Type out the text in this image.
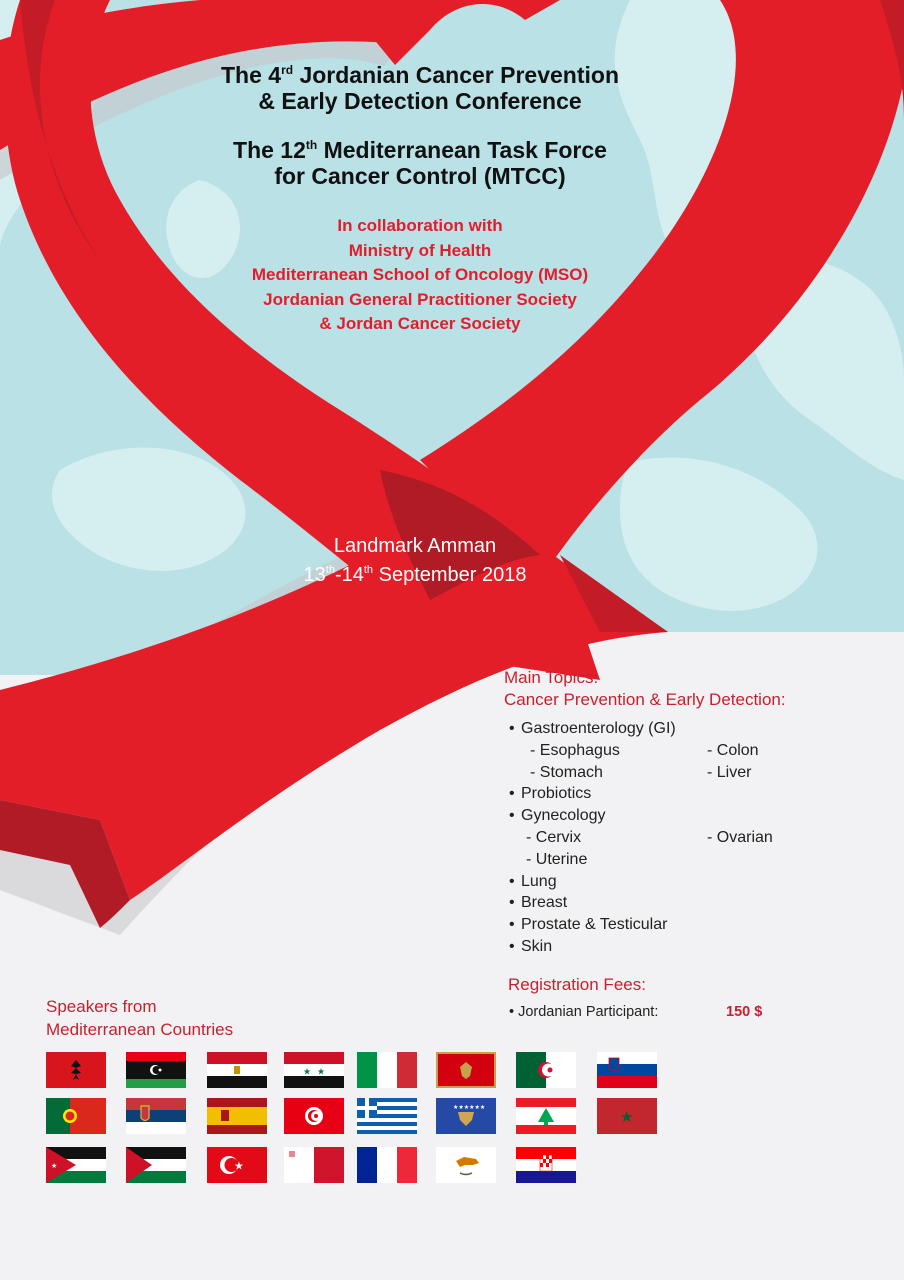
The 4rd Jordanian Cancer Prevention
& Early Detection Conference
The 12th Mediterranean Task Force
for Cancer Control (MTCC)
In collaboration with
Ministry of Health
Mediterranean School of Oncology (MSO)
Jordanian General Practitioner Society
& Jordan Cancer Society
Landmark Amman
13th-14th September 2018
Main Topics:
Cancer Prevention & Early Detection:
• Gastroenterology (GI)
- Esophagus	- Colon
- Stomach	- Liver
• Probiotics
• Gynecology
- Cervix	- Ovarian
- Uterine
• Lung
• Breast
• Prostate & Testicular
• Skin
Registration Fees:
• Jordanian Participant:	150 $
Speakers from
Mediterranean Countries
★ ★
★★★★★★
★
★	★
